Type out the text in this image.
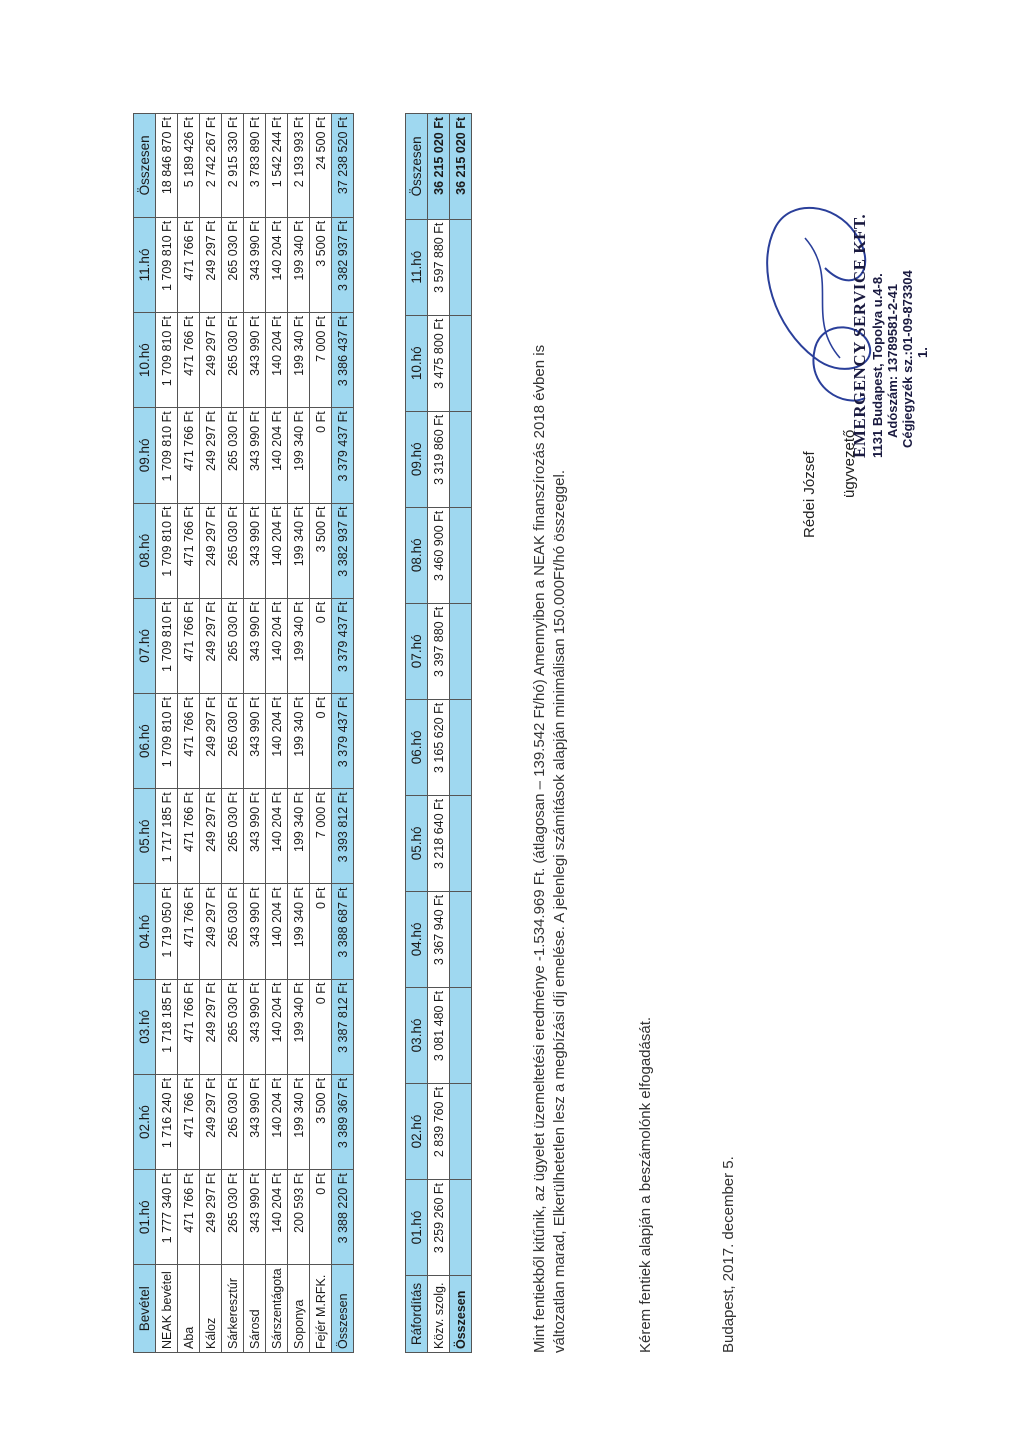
Bevétel	01.hó	02.hó	03.hó	04.hó	05.hó	06.hó	07.hó	08.hó	09.hó	10.hó	11.hó	Összesen
NEAK bevétel	1 777 340 Ft	1 716 240 Ft	1 718 185 Ft	1 719 050 Ft	1 717 185 Ft	1 709 810 Ft	1 709 810 Ft	1 709 810 Ft	1 709 810 Ft	1 709 810 Ft	1 709 810 Ft	18 846 870 Ft
Aba	471 766 Ft	471 766 Ft	471 766 Ft	471 766 Ft	471 766 Ft	471 766 Ft	471 766 Ft	471 766 Ft	471 766 Ft	471 766 Ft	471 766 Ft	5 189 426 Ft
Káloz	249 297 Ft	249 297 Ft	249 297 Ft	249 297 Ft	249 297 Ft	249 297 Ft	249 297 Ft	249 297 Ft	249 297 Ft	249 297 Ft	249 297 Ft	2 742 267 Ft
Sárkeresztúr	265 030 Ft	265 030 Ft	265 030 Ft	265 030 Ft	265 030 Ft	265 030 Ft	265 030 Ft	265 030 Ft	265 030 Ft	265 030 Ft	265 030 Ft	2 915 330 Ft
Sárosd	343 990 Ft	343 990 Ft	343 990 Ft	343 990 Ft	343 990 Ft	343 990 Ft	343 990 Ft	343 990 Ft	343 990 Ft	343 990 Ft	343 990 Ft	3 783 890 Ft
Sárszentágota	140 204 Ft	140 204 Ft	140 204 Ft	140 204 Ft	140 204 Ft	140 204 Ft	140 204 Ft	140 204 Ft	140 204 Ft	140 204 Ft	140 204 Ft	1 542 244 Ft
Soponya	200 593 Ft	199 340 Ft	199 340 Ft	199 340 Ft	199 340 Ft	199 340 Ft	199 340 Ft	199 340 Ft	199 340 Ft	199 340 Ft	199 340 Ft	2 193 993 Ft
Fejér M.RFK.	0 Ft	3 500 Ft	0 Ft	0 Ft	7 000 Ft	0 Ft	0 Ft	3 500 Ft	0 Ft	7 000 Ft	3 500 Ft	24 500 Ft
Összesen	3 388 220 Ft	3 389 367 Ft	3 387 812 Ft	3 388 687 Ft	3 393 812 Ft	3 379 437 Ft	3 379 437 Ft	3 382 937 Ft	3 379 437 Ft	3 386 437 Ft	3 382 937 Ft	37 238 520 Ft
Ráfordítás	01.hó	02.hó	03.hó	04.hó	05.hó	06.hó	07.hó	08.hó	09.hó	10.hó	11.hó	Összesen
Közv. szolg.	3 259 260 Ft	2 839 760 Ft	3 081 480 Ft	3 367 940 Ft	3 218 640 Ft	3 165 620 Ft	3 397 880 Ft	3 460 900 Ft	3 319 860 Ft	3 475 800 Ft	3 597 880 Ft	36 215 020 Ft
Összesen												36 215 020 Ft
Mint fentiekből kitűnik, az ügyelet üzemeltetési eredménye -1.534.969 Ft. (átlagosan – 139.542 Ft/hó) Amennyiben a NEAK finanszírozás 2018 évben is változatlan marad, Elkerülhetetlen lesz a megbízási díj emelése. A jelenlegi számítások alapján minimálisan 150.000Ft/hó összeggel.	Kérem fentiek alapján a beszámolónk elfogadását.	Budapest, 2017. december 5.
Rédei József ügyvezető
EMERGENCY SERVICE KFT. 1131 Budapest, Topolya u.4-8. Adószám: 13789581-2-41 Cégjegyzék sz.:01-09-873304 1.
